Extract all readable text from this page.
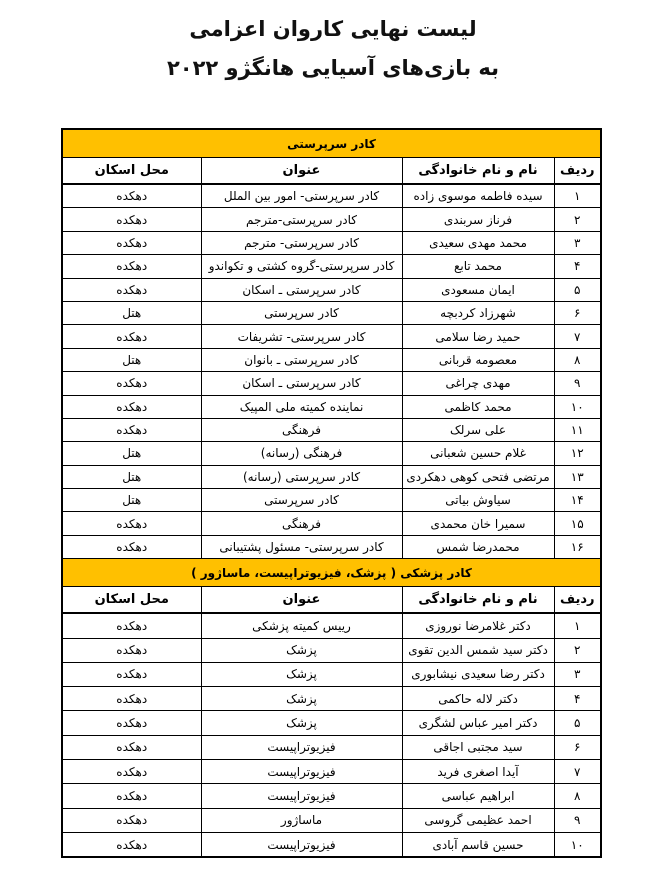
لیست نهایی کاروان اعزامی
به بازی‌های آسیایی هانگژو ۲۰۲۲
کادر سرپرستی			
ردیف	نام و نام خانوادگی	عنوان	محل اسکان
۱	سیده فاطمه موسوی زاده	کادر سرپرستی- امور بین الملل	دهکده
۲	فرناز سربندی	کادر سرپرستی-مترجم	دهکده
۳	محمد مهدی سعیدی	کادر سرپرستی- مترجم	دهکده
۴	محمد تابع	کادر سرپرستی-گروه کشتی و تکواندو	دهکده
۵	ایمان مسعودی	کادر سرپرستی ـ اسکان	دهکده
۶	شهرزاد کردبچه	کادر سرپرستی	هتل
۷	حمید رضا سلامی	کادر سرپرستی- تشریفات	دهکده
۸	معصومه قربانی	کادر سرپرستی ـ بانوان	هتل
۹	مهدی چراغی	کادر سرپرستی ـ اسکان	دهکده
۱۰	محمد کاظمی	نماینده کمیته ملی المپیک	دهکده
۱۱	علی سرلک	فرهنگی	دهکده
۱۲	غلام حسین شعبانی	فرهنگی (رسانه)	هتل
۱۳	مرتضی فتحی کوهی دهکردی	کادر سرپرستی (رسانه)	هتل
۱۴	سیاوش بیاتی	کادر سرپرستی	هتل
۱۵	سمیرا خان محمدی	فرهنگی	دهکده
۱۶	محمدرضا شمس	کادر سرپرستی- مسئول پشتیبانی	دهکده
کادر پزشکی ( پزشک، فیزیوتراپیست، ماساژور )			
ردیف	نام و نام خانوادگی	عنوان	محل اسکان
۱	دکتر غلامرضا نوروزی	رییس کمیته پزشکی	دهکده
۲	دکتر سید شمس الدین تقوی	پزشک	دهکده
۳	دکتر رضا سعیدی نیشابوری	پزشک	دهکده
۴	دکتر لاله حاکمی	پزشک	دهکده
۵	دکتر امیر عباس لشگری	پزشک	دهکده
۶	سید مجتبی اجاقی	فیزیوتراپیست	دهکده
۷	آیدا اصغری فرید	فیزیوتراپیست	دهکده
۸	ابراهیم عباسی	فیزیوتراپیست	دهکده
۹	احمد عظیمی گروسی	ماساژور	دهکده
۱۰	حسین قاسم آبادی	فیزیوتراپیست	دهکده
